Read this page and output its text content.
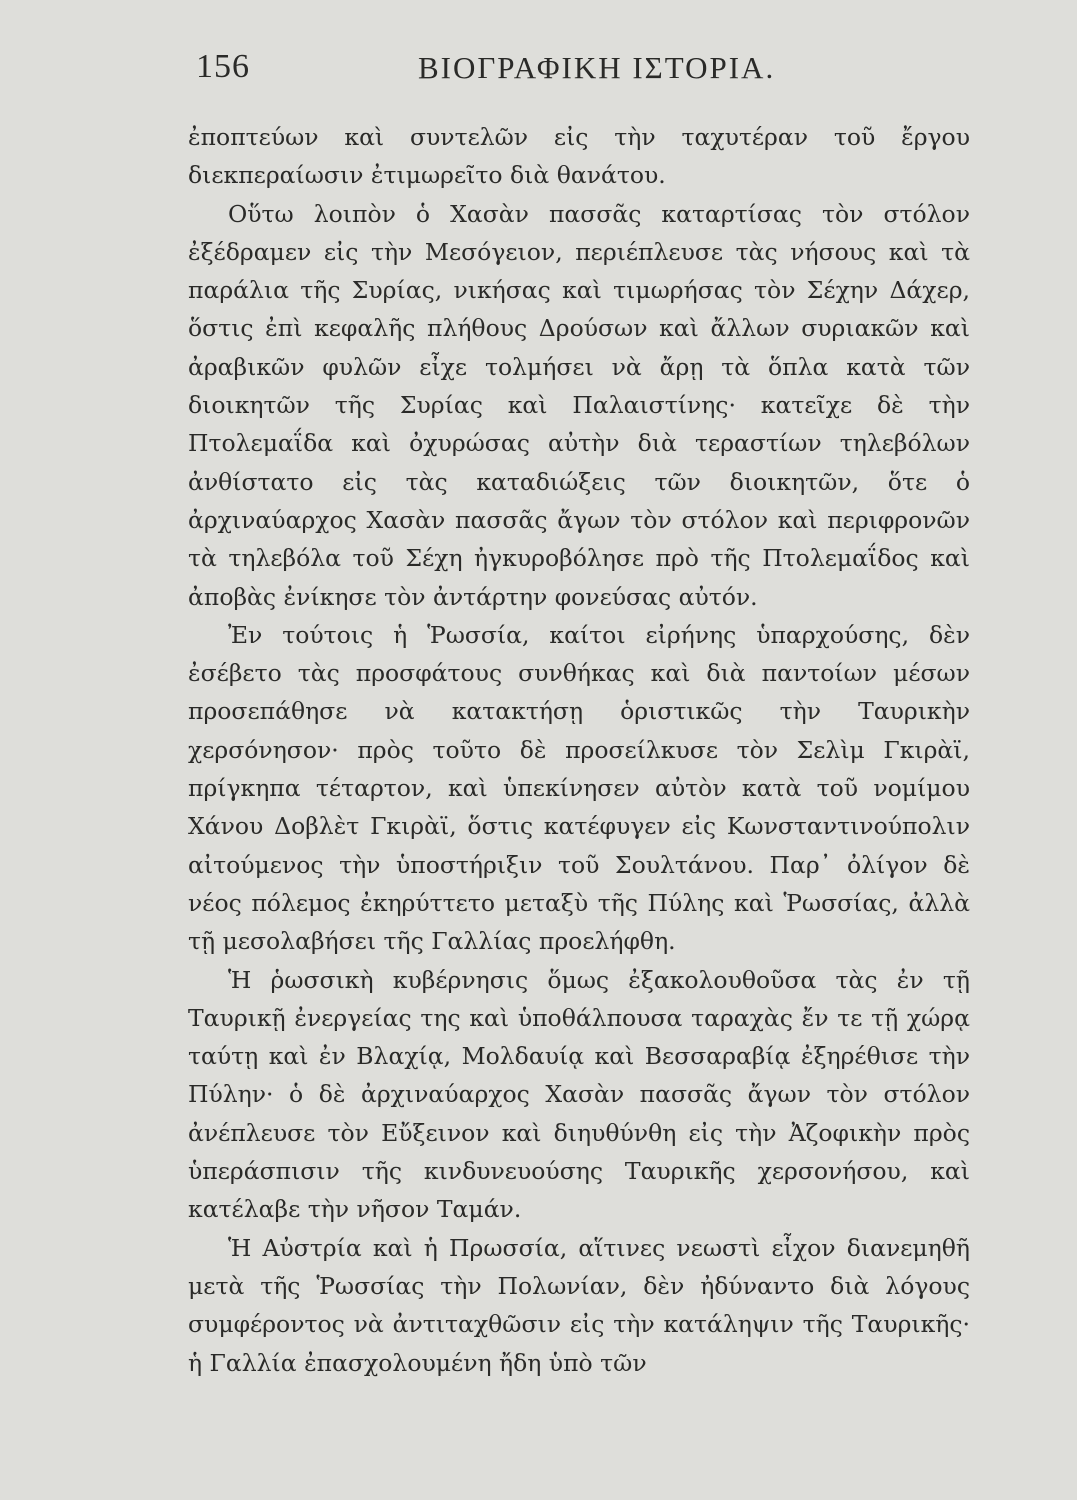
156	ΒΙΟΓΡΑΦΙΚΗ ΙΣΤΟΡΙΑ.

ἐποπτεύων καὶ συντελῶν εἰς τὴν ταχυτέραν τοῦ ἔργου διεκπεραίωσιν ἐτιμωρεῖτο διὰ θανάτου.

Οὕτω λοιπὸν ὁ Χασὰν πασσᾶς καταρτίσας τὸν στόλον ἐξέδραμεν εἰς τὴν Μεσόγειον, περιέπλευσε τὰς νήσους καὶ τὰ παράλια τῆς Συρίας, νικήσας καὶ τιμωρήσας τὸν Σέχην Δάχερ, ὅστις ἐπὶ κεφαλῆς πλήθους Δρούσων καὶ ἄλλων συριακῶν καὶ ἀραβικῶν φυλῶν εἶχε τολμήσει νὰ ἄρῃ τὰ ὅπλα κατὰ τῶν διοικητῶν τῆς Συρίας καὶ Παλαιστίνης· κατεῖχε δὲ τὴν Πτολεμαΐδα καὶ ὀχυρώσας αὐτὴν διὰ τεραστίων τηλεβόλων ἀνθίστατο εἰς τὰς καταδιώξεις τῶν διοικητῶν, ὅτε ὁ ἀρχιναύαρχος Χασὰν πασσᾶς ἄγων τὸν στόλον καὶ περιφρονῶν τὰ τηλεβόλα τοῦ Σέχη ἠγκυροβόλησε πρὸ τῆς Πτολεμαΐδος καὶ ἀποβὰς ἐνίκησε τὸν ἀντάρτην φονεύσας αὐτόν.

Ἐν τούτοις ἡ Ῥωσσία, καίτοι εἰρήνης ὑπαρχούσης, δὲν ἐσέβετο τὰς προσφάτους συνθήκας καὶ διὰ παντοίων μέσων προσεπάθησε νὰ κατακτήσῃ ὁριστικῶς τὴν Ταυρικὴν χερσόνησον· πρὸς τοῦτο δὲ προσείλκυσε τὸν Σελὶμ Γκιρὰϊ, πρίγκηπα τέταρτον, καὶ ὑπεκίνησεν αὐτὸν κατὰ τοῦ νομίμου Χάνου Δοβλὲτ Γκιρὰϊ, ὅστις κατέφυγεν εἰς Κωνσταντινούπολιν αἰτούμενος τὴν ὑποστήριξιν τοῦ Σουλτάνου. Παρ᾽ ὀλίγον δὲ νέος πόλεμος ἐκηρύττετο μεταξὺ τῆς Πύλης καὶ Ῥωσσίας, ἀλλὰ τῇ μεσολαβήσει τῆς Γαλλίας προελήφθη.

Ἡ ῥωσσικὴ κυβέρνησις ὅμως ἐξακολουθοῦσα τὰς ἐν τῇ Ταυρικῇ ἐνεργείας της καὶ ὑποθάλπουσα ταραχὰς ἔν τε τῇ χώρᾳ ταύτῃ καὶ ἐν Βλαχίᾳ, Μολδαυίᾳ καὶ Βεσσαραβίᾳ ἐξηρέθισε τὴν Πύλην· ὁ δὲ ἀρχιναύαρχος Χασὰν πασσᾶς ἄγων τὸν στόλον ἀνέπλευσε τὸν Εὔξεινον καὶ διηυθύνθη εἰς τὴν Ἀζοφικὴν πρὸς ὑπεράσπισιν τῆς κινδυνευούσης Ταυρικῆς χερσονήσου, καὶ κατέλαβε τὴν νῆσον Ταμάν.

Ἡ Αὐστρία καὶ ἡ Πρωσσία, αἵτινες νεωστὶ εἶχον διανεμηθῆ μετὰ τῆς Ῥωσσίας τὴν Πολωνίαν, δὲν ἠδύναντο διὰ λόγους συμφέροντος νὰ ἀντιταχθῶσιν εἰς τὴν κατάληψιν τῆς Ταυρικῆς· ἡ Γαλλία ἐπασχολουμένη ἤδη ὑπὸ τῶν
